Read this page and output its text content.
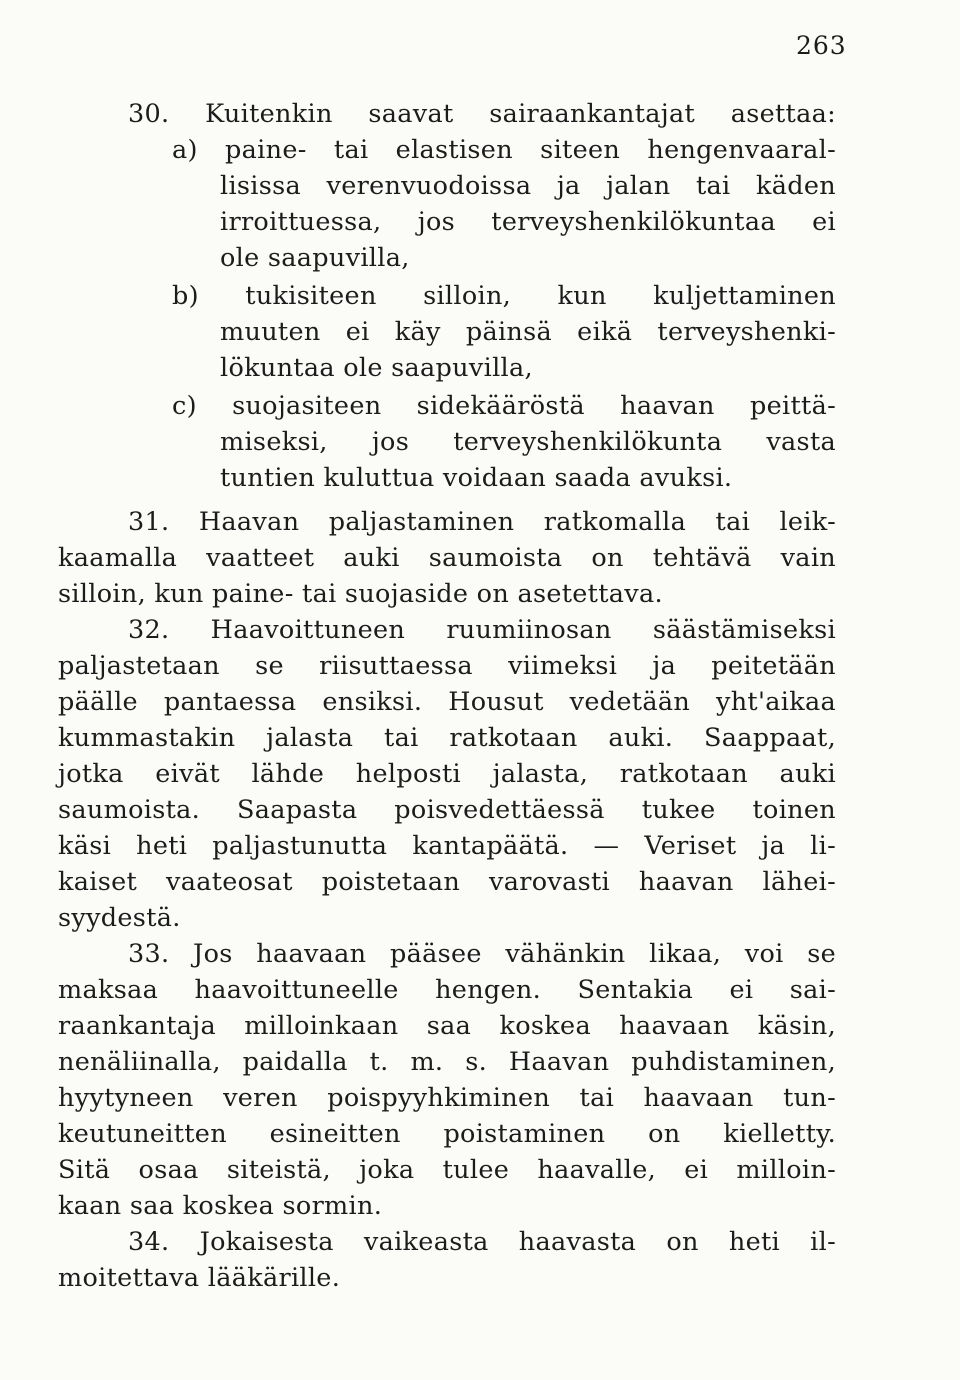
263
30. Kuitenkin saavat sairaankantajat asettaa:
a) paine- tai elastisen siteen hengenvaaral-
lisissa verenvuodoissa ja jalan tai käden
irroittuessa, jos terveyshenkilökuntaa ei
ole saapuvilla,
b) tukisiteen silloin, kun kuljettaminen
muuten ei käy päinsä eikä terveyshenki-
lökuntaa ole saapuvilla,
c) suojasiteen sidekääröstä haavan peittä-
miseksi, jos terveyshenkilökunta vasta
tuntien kuluttua voidaan saada avuksi.
31. Haavan paljastaminen ratkomalla tai leik-
kaamalla vaatteet auki saumoista on tehtävä vain
silloin, kun paine- tai suojaside on asetettava.
32. Haavoittuneen ruumiinosan säästämiseksi
paljastetaan se riisuttaessa viimeksi ja peitetään
päälle pantaessa ensiksi. Housut vedetään yht'aikaa
kummastakin jalasta tai ratkotaan auki. Saappaat,
jotka eivät lähde helposti jalasta, ratkotaan auki
saumoista. Saapasta poisvedettäessä tukee toinen
käsi heti paljastunutta kantapäätä. — Veriset ja li-
kaiset vaateosat poistetaan varovasti haavan lähei-
syydestä.
33. Jos haavaan pääsee vähänkin likaa, voi se
maksaa haavoittuneelle hengen. Sentakia ei sai-
raankantaja milloinkaan saa koskea haavaan käsin,
nenäliinalla, paidalla t. m. s. Haavan puhdistaminen,
hyytyneen veren poispyyhkiminen tai haavaan tun-
keutuneitten esineitten poistaminen on kielletty.
Sitä osaa siteistä, joka tulee haavalle, ei milloin-
kaan saa koskea sormin.
34. Jokaisesta vaikeasta haavasta on heti il-
moitettava lääkärille.
